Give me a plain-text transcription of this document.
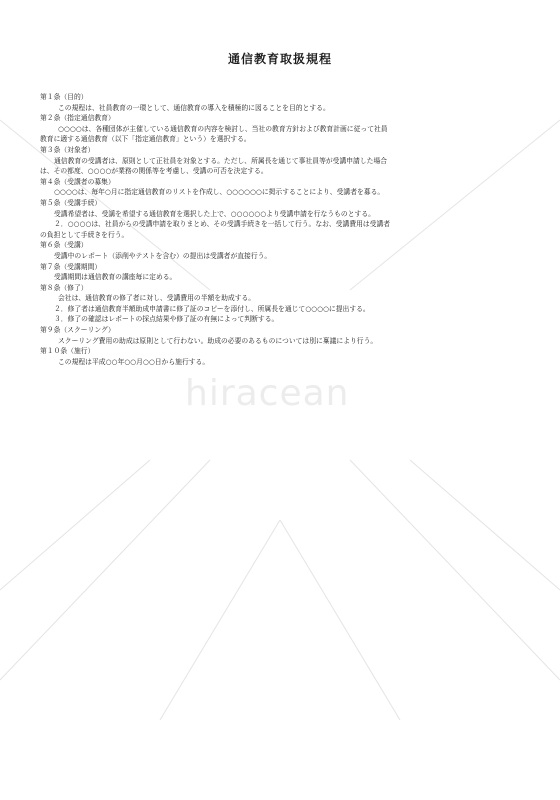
通信教育取扱規程
第１条（目的）
この規程は、社員教育の一環として、通信教育の導入を積極的に図ることを目的とする。
第２条（指定通信教育）
○○○○は、各種団体が主催している通信教育の内容を検討し、当社の教育方針および教育計画に従って社員
教育に適する通信教育（以下「指定通信教育」という）を選択する。
第３条（対象者）
通信教育の受講者は、原則として正社員を対象とする。ただし、所属長を通じて事社員等が受講申請した場合
は、その都度、○○○○が業務の関係等を考慮し、受講の可否を決定する。
第４条（受講者の募集）
○○○○は、毎年○月に指定通信教育のリストを作成し、○○○○○○に掲示することにより、受講者を募る。
第５条（受講手続）
受講希望者は、受講を希望する通信教育を選択した上で、○○○○○○より受講申請を行なうものとする。
２．○○○○は、社員からの受講申請を取りまとめ、その受講手続きを一括して行う。なお、受講費用は受講者
の負担として手続きを行う。
第６条（受講）
受講中のレポート（添削やテストを含む）の提出は受講者が直接行う。
第７条（受講期間）
受講期間は通信教育の講座毎に定める。
第８条（修了）
会社は、通信教育の修了者に対し、受講費用の半額を助成する。
２．修了者は通信教育半額助成申請書に修了証のコピーを添付し、所属長を通じて○○○○に提出する。
３．修了の確認はレポートの採点結果や修了証の有無によって判断する。
第９条（スクーリング）
スクーリング費用の助成は原則として行わない。助成の必要のあるものについては別に稟議により行う。
第１０条（施行）
この規程は平成○○年○○月○○日から施行する。
hiracean
